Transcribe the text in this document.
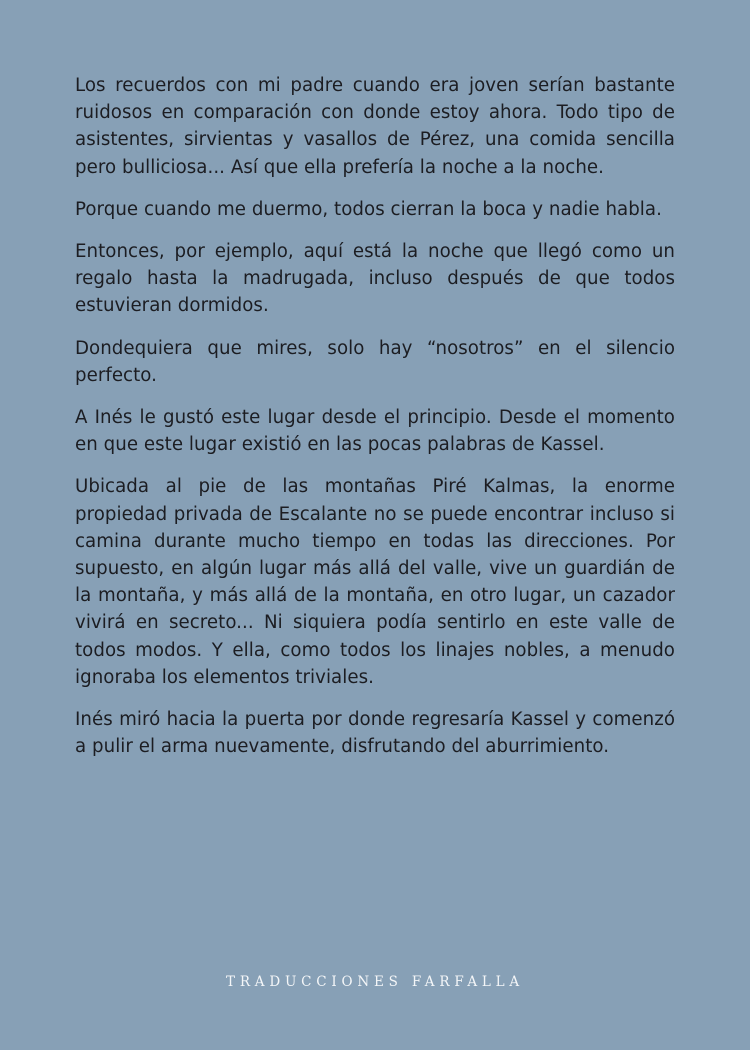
Los recuerdos con mi padre cuando era joven serían bastante ruidosos en comparación con donde estoy ahora. Todo tipo de asistentes, sirvientas y vasallos de Pérez, una comida sencilla pero bulliciosa... Así que ella prefería la noche a la noche.

Porque cuando me duermo, todos cierran la boca y nadie habla.

Entonces, por ejemplo, aquí está la noche que llegó como un regalo hasta la madrugada, incluso después de que todos estuvieran dormidos.

Dondequiera que mires, solo hay “nosotros” en el silencio perfecto.

A Inés le gustó este lugar desde el principio. Desde el momento en que este lugar existió en las pocas palabras de Kassel.

Ubicada al pie de las montañas Piré Kalmas, la enorme propiedad privada de Escalante no se puede encontrar incluso si camina durante mucho tiempo en todas las direcciones. Por supuesto, en algún lugar más allá del valle, vive un guardián de la montaña, y más allá de la montaña, en otro lugar, un cazador vivirá en secreto... Ni siquiera podía sentirlo en este valle de todos modos. Y ella, como todos los linajes nobles, a menudo ignoraba los elementos triviales.

Inés miró hacia la puerta por donde regresaría Kassel y comenzó a pulir el arma nuevamente, disfrutando del aburrimiento.

TRADUCCIONES FARFALLA
